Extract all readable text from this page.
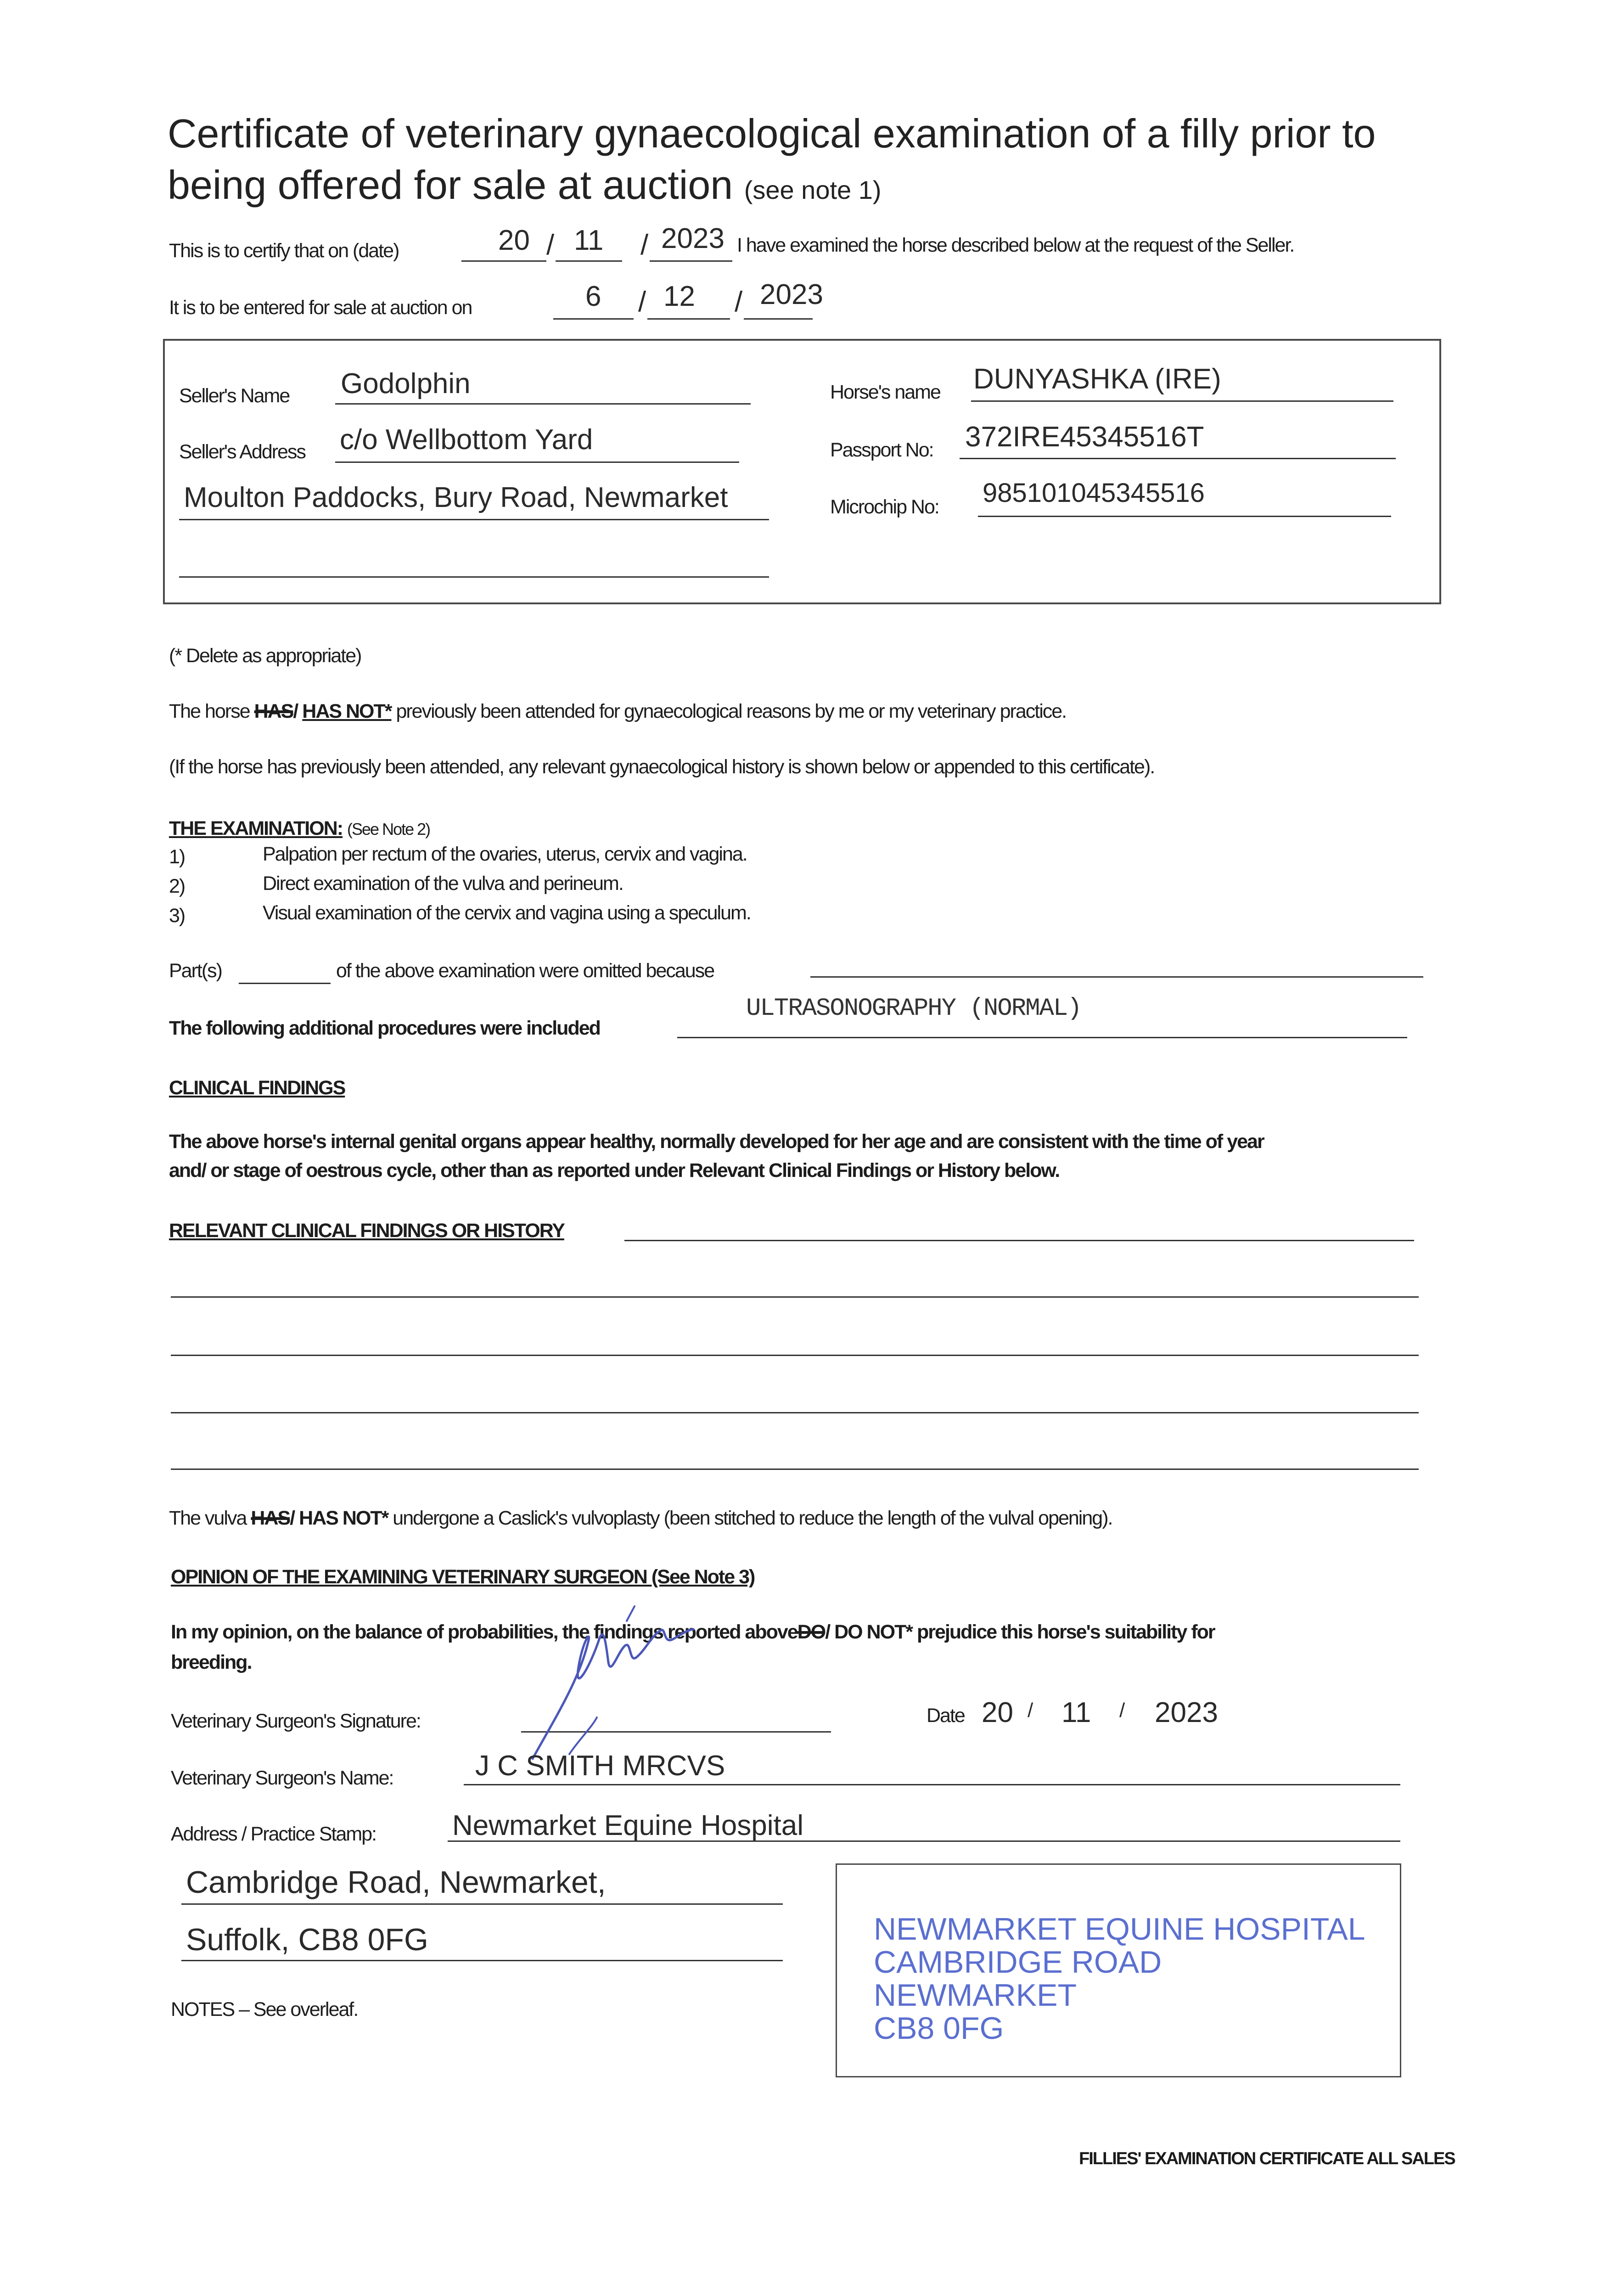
Certificate of veterinary gynaecological examination of a filly prior to
being offered for sale at auction (see note 1)
This is to certify that on (date)	20 / 11 / 2023 I have examined the horse described below at the request of the Seller.
It is to be entered for sale at auction on	6 / 12 / 2023
Seller's Name Godolphin
Seller's Address c/o Wellbottom Yard
Moulton Paddocks, Bury Road, Newmarket
Horse's name DUNYASHKA (IRE)
Passport No: 372IRE45345516T
Microchip No: 985101045345516
(* Delete as appropriate)
The horse HAS/ HAS NOT* previously been attended for gynaecological reasons by me or my veterinary practice.
(If the horse has previously been attended, any relevant gynaecological history is shown below or appended to this certificate).
THE EXAMINATION: (See Note 2)
1)	Palpation per rectum of the ovaries, uterus, cervix and vagina.
2)	Direct examination of the vulva and perineum.
3)	Visual examination of the cervix and vagina using a speculum.
Part(s)	of the above examination were omitted because
The following additional procedures were included
ULTRASONOGRAPHY (NORMAL)
CLINICAL FINDINGS
The above horse's internal genital organs appear healthy, normally developed for her age and are consistent with the time of year
and/ or stage of oestrous cycle, other than as reported under Relevant Clinical Findings or History below.
RELEVANT CLINICAL FINDINGS OR HISTORY
The vulva HAS/ HAS NOT* undergone a Caslick's vulvoplasty (been stitched to reduce the length of the vulval opening).
OPINION OF THE EXAMINING VETERINARY SURGEON (See Note 3)
In my opinion, on the balance of probabilities, the findings reported aboveDO/ DO NOT* prejudice this horse's suitability for
breeding.
Veterinary Surgeon's Signature:	Date 20 / 11 / 2023
Veterinary Surgeon's Name:	J C SMITH MRCVS
Address / Practice Stamp:	Newmarket Equine Hospital
Cambridge Road, Newmarket,
Suffolk, CB8 0FG	NEWMARKET EQUINE HOSPITAL
CAMBRIDGE ROAD
NEWMARKET
CB8 0FG
NOTES – See overleaf.
FILLIES' EXAMINATION CERTIFICATE ALL SALES
